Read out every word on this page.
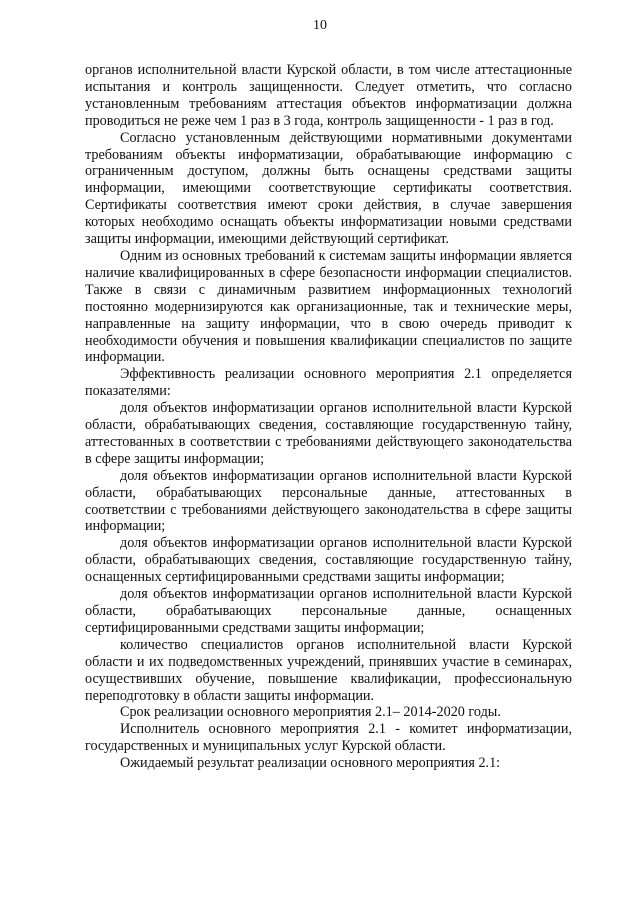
10

органов исполнительной власти Курской области, в том числе аттестационные испытания и контроль защищенности. Следует отметить, что согласно установленным требованиям аттестация объектов информатизации должна проводиться не реже чем 1 раз в 3 года, контроль защищенности - 1 раз в год.

Согласно установленным действующими нормативными документами требованиям объекты информатизации, обрабатывающие информацию с ограниченным доступом, должны быть оснащены средствами защиты информации, имеющими соответствующие сертификаты соответствия. Сертификаты соответствия имеют сроки действия, в случае завершения которых необходимо оснащать объекты информатизации новыми средствами защиты информации, имеющими действующий сертификат.

Одним из основных требований к системам защиты информации является наличие квалифицированных в сфере безопасности информации специалистов. Также в связи с динамичным развитием информационных технологий постоянно модернизируются как организационные, так и технические меры, направленные на защиту информации, что в свою очередь приводит к необходимости обучения и повышения квалификации специалистов по защите информации.

Эффективность реализации основного мероприятия 2.1 определяется показателями:

доля объектов информатизации органов исполнительной власти Курской области, обрабатывающих сведения, составляющие государственную тайну, аттестованных в соответствии с требованиями действующего законодательства в сфере защиты информации;

доля объектов информатизации органов исполнительной власти Курской области, обрабатывающих персональные данные, аттестованных в соответствии с требованиями действующего законодательства в сфере защиты информации;

доля объектов информатизации органов исполнительной власти Курской области, обрабатывающих сведения, составляющие государственную тайну, оснащенных сертифицированными средствами защиты информации;

доля объектов информатизации органов исполнительной власти Курской области, обрабатывающих персональные данные, оснащенных сертифицированными средствами защиты информации;

количество специалистов органов исполнительной власти Курской области и их подведомственных учреждений, принявших участие в семинарах, осуществивших обучение, повышение квалификации, профессиональную переподготовку в области защиты информации.

Срок реализации основного мероприятия 2.1– 2014-2020 годы.

Исполнитель основного мероприятия 2.1 - комитет информатизации, государственных и муниципальных услуг Курской области.

Ожидаемый результат реализации основного мероприятия 2.1:
